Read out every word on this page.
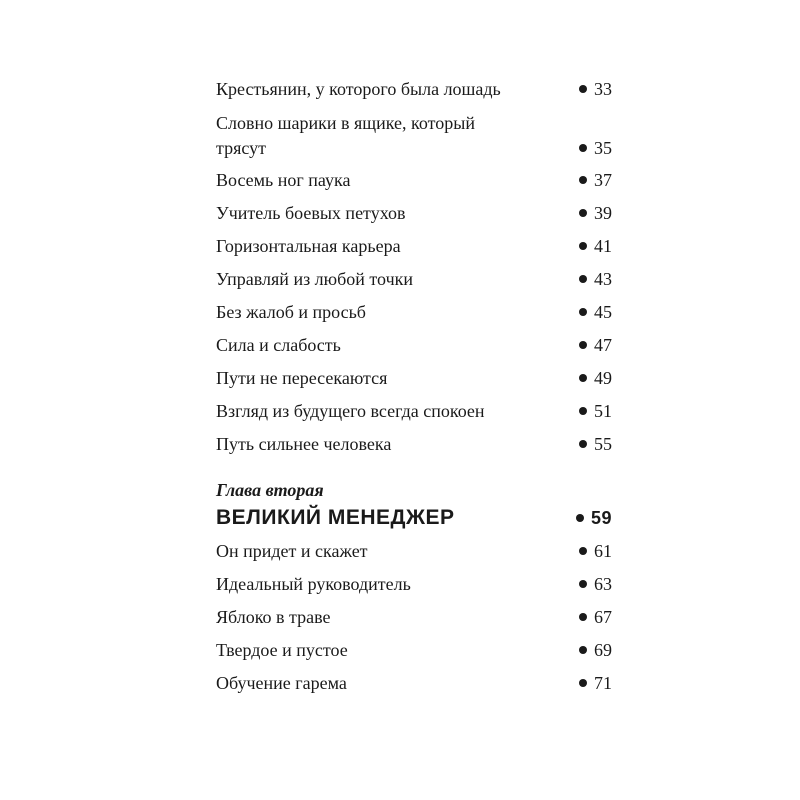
Крестьянин, у которого была лошадь	33
Словно шарики в ящике, который трясут	35
Восемь ног паука	37
Учитель боевых петухов	39
Горизонтальная карьера	41
Управляй из любой точки	43
Без жалоб и просьб	45
Сила и слабость	47
Пути не пересекаются	49
Взгляд из будущего всегда спокоен	51
Путь сильнее человека	55
Глава вторая
ВЕЛИКИЙ МЕНЕДЖЕР	59
Он придет и скажет	61
Идеальный руководитель	63
Яблоко в траве	67
Твердое и пустое	69
Обучение гарема	71
